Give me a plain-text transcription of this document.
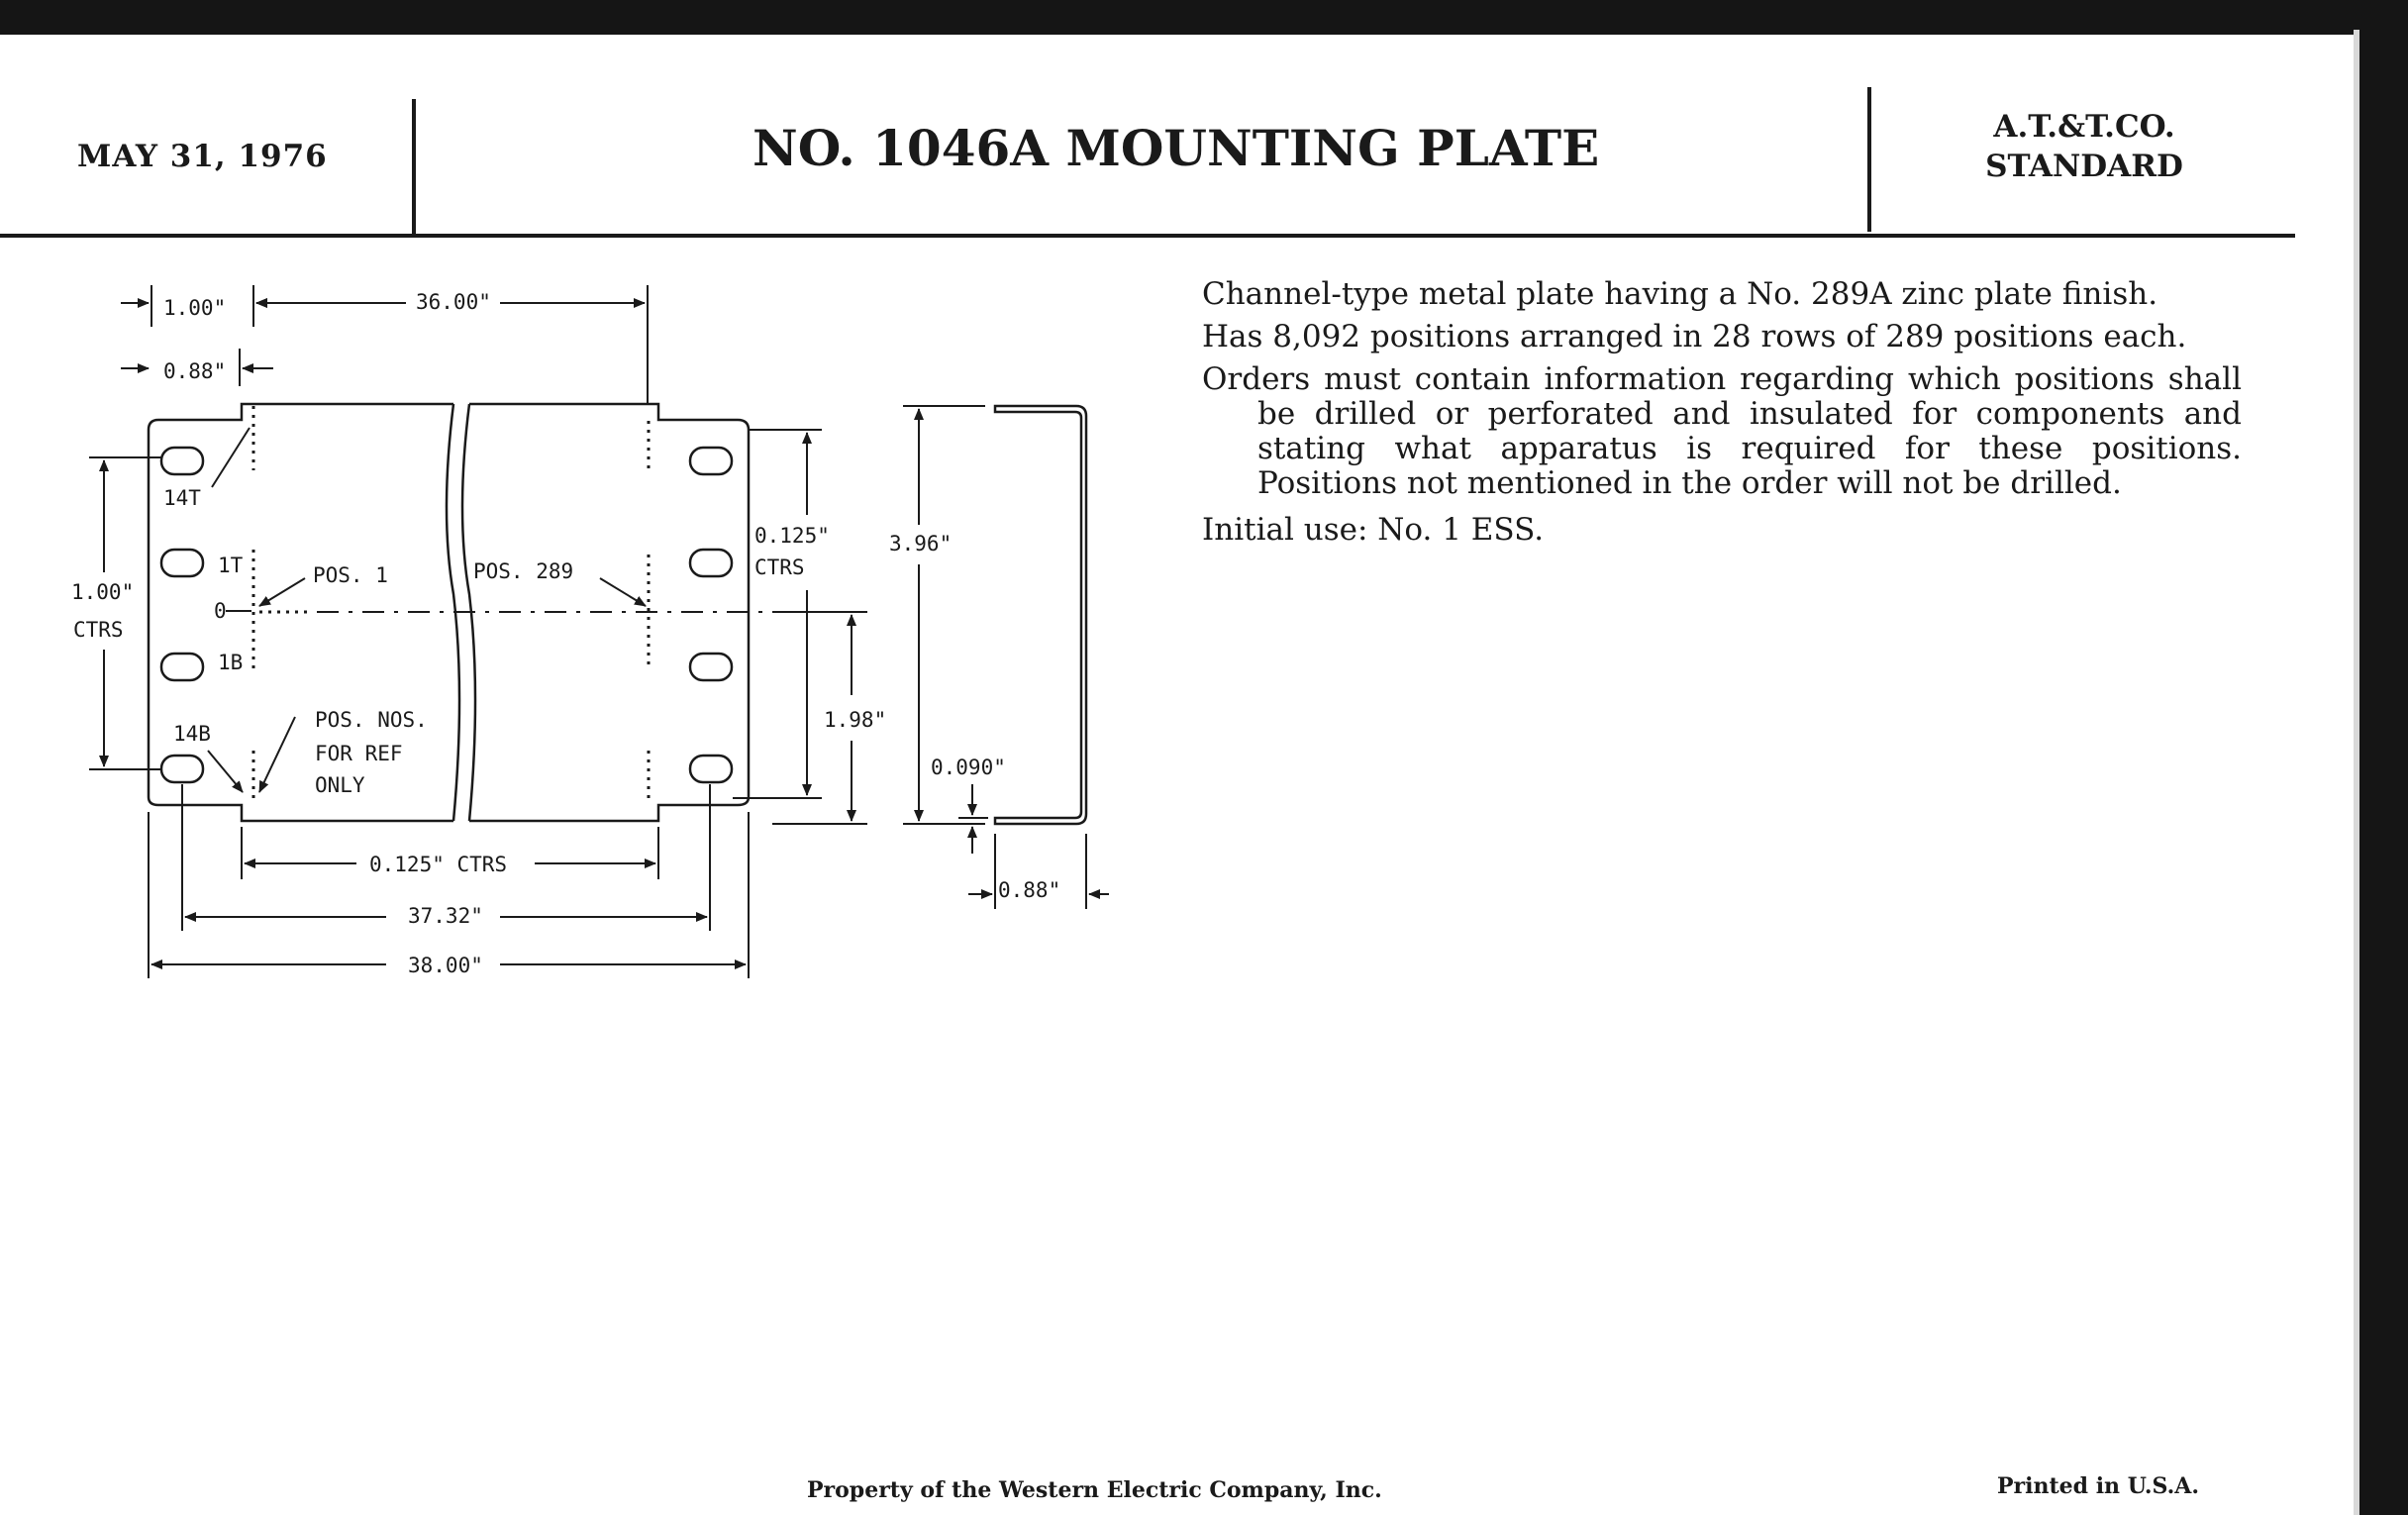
MAY 31, 1976	NO. 1046A MOUNTING PLATE	A.T.&T.CO.
STANDARD

Channel-type metal plate having a No. 289A zinc plate finish.

Has 8,092 positions arranged in 28 rows of 289 positions each.

Orders must contain information regarding which positions shall be drilled or perforated and insulated for components and stating what apparatus is required for these positions. Positions not mentioned in the order will not be drilled.

Initial use: No. 1 ESS.

1.00"	36.00"
0.88"
14T
1T
0
1B
14B
POS. 1	POS. 289
POS. NOS.
FOR REF
ONLY
1.00"
CTRS
0.125"
CTRS
1.98"
3.96"
0.090"
0.88"
0.125" CTRS
37.32"
38.00"
Property of the Western Electric Company, Inc.	Printed in U.S.A.
